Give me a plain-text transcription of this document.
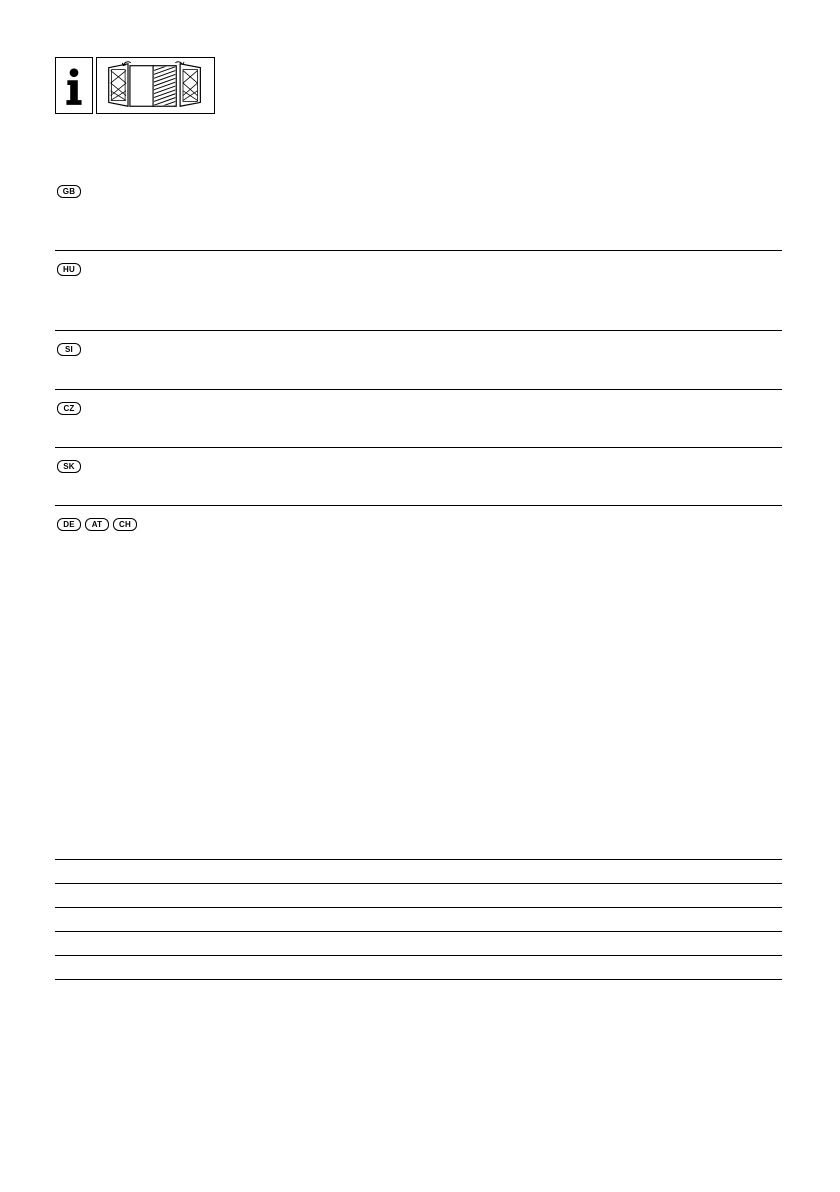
GB
HU
SI
CZ
SK
DE	AT	CH
